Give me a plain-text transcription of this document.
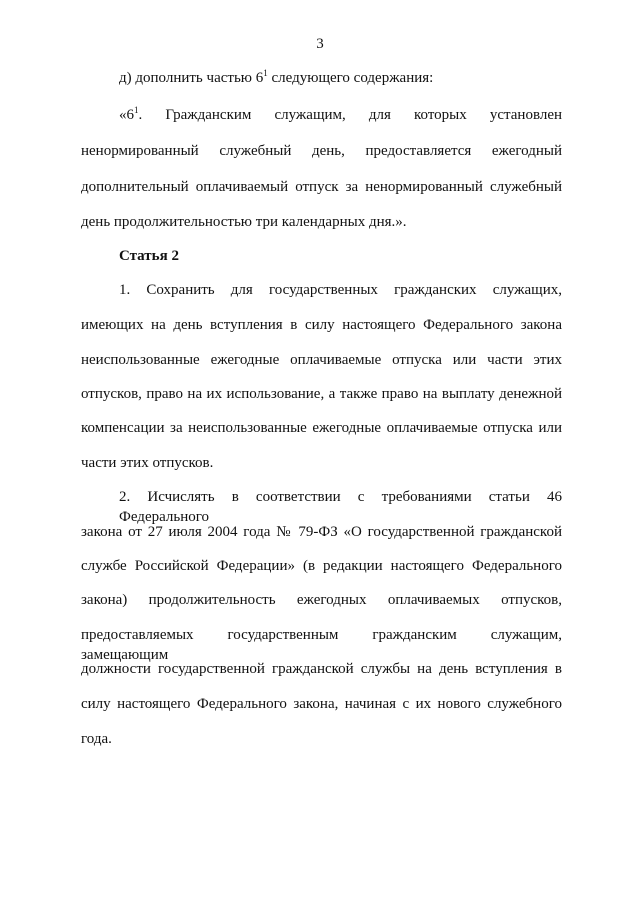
3
д) дополнить частью $6^1$ следующего содержания:
«$6^1$. Гражданским служащим, для которых установлен
ненормированный служебный день, предоставляется ежегодный
дополнительный оплачиваемый отпуск за ненормированный служебный
день продолжительностью три календарных дня.».
Статья 2
1. Сохранить для государственных гражданских служащих,
имеющих на день вступления в силу настоящего Федерального закона
неиспользованные ежегодные оплачиваемые отпуска или части этих
отпусков, право на их использование, а также право на выплату денежной
компенсации за неиспользованные ежегодные оплачиваемые отпуска или
части этих отпусков.
2. Исчислять в соответствии с требованиями статьи 46 Федерального
закона от 27 июля 2004 года № 79-ФЗ «О государственной гражданской
службе Российской Федерации» (в редакции настоящего Федерального
закона) продолжительность ежегодных оплачиваемых отпусков,
предоставляемых государственным гражданским служащим, замещающим
должности государственной гражданской службы на день вступления в
силу настоящего Федерального закона, начиная с их нового служебного
года.
